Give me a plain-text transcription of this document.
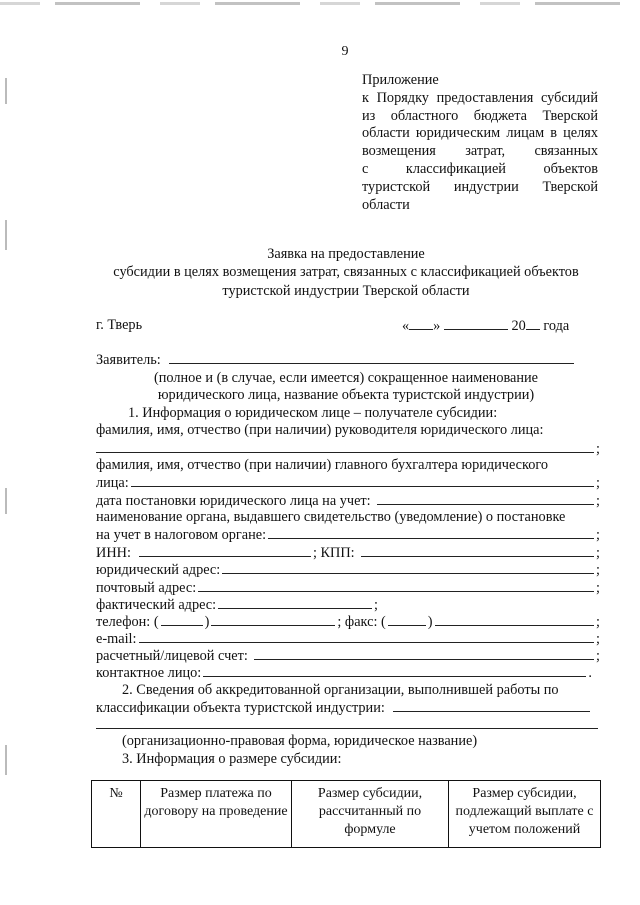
9
Приложение
к Порядку предоставления субсидий
из областного бюджета Тверской
области юридическим лицам в целях
возмещения затрат, связанных
с классификацией объектов
туристской индустрии Тверской
области
Заявка на предоставление
субсидии в целях возмещения затрат, связанных с классификацией объектов
туристской индустрии Тверской области
г. Тверь	« »	20 года
Заявитель:
(полное и (в случае, если имеется) сокращенное наименование
юридического лица, название объекта туристской индустрии)
1. Информация о юридическом лице – получателе субсидии:
фамилия, имя, отчество (при наличии) руководителя юридического лица:
;
фамилия, имя, отчество (при наличии) главного бухгалтера юридического
лица:	;
дата постановки юридического лица на учет:	;
наименование органа, выдавшего свидетельство (уведомление) о постановке
на учет в налоговом органе:	;
ИНН:	; КПП:	;
юридический адрес:	;
почтовый адрес:	;
фактический адрес:	;
телефон: (	)	; факс: (	)	;
e-mail:	;
расчетный/лицевой счет:	;
контактное лицо:	.
2. Сведения об аккредитованной организации, выполнившей работы по
классификации объекта туристской индустрии:
(организационно-правовая форма, юридическое название)
3. Информация о размере субсидии:
№	Размер платежа по договору на проведение	Размер субсидии, рассчитанный по формуле	Размер субсидии, подлежащий выплате с учетом положений
